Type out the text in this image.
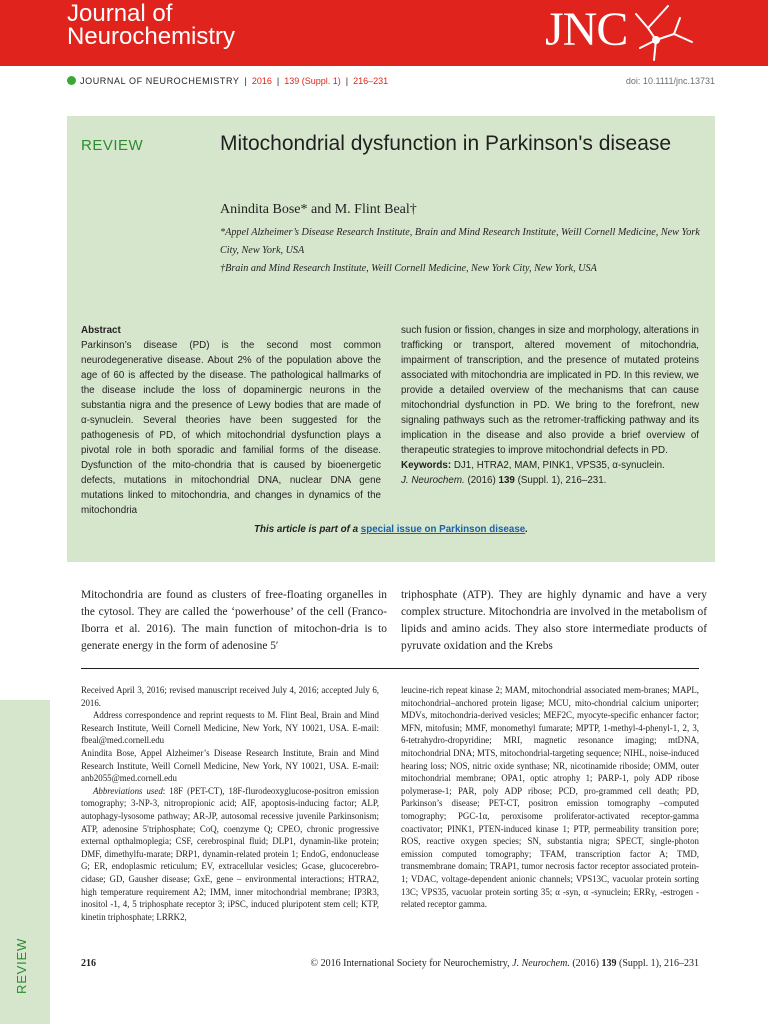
Journal of
Neurochemistry	JNC
JOURNAL OF NEUROCHEMISTRY | 2016 | 139 (Suppl. 1) | 216–231	doi: 10.1111/jnc.13731
REVIEW	Mitochondrial dysfunction in Parkinson's disease
Anindita Bose* and M. Flint Beal†
*Appel Alzheimer’s Disease Research Institute, Brain and Mind Research Institute, Weill Cornell Medicine, New York City, New York, USA
†Brain and Mind Research Institute, Weill Cornell Medicine, New York City, New York, USA
Abstract
Parkinson’s disease (PD) is the second most common neurodegenerative disease. About 2% of the population above the age of 60 is affected by the disease. The pathological hallmarks of the disease include the loss of dopaminergic neurons in the substantia nigra and the presence of Lewy bodies that are made of α-synuclein. Several theories have been suggested for the pathogenesis of PD, of which mitochondrial dysfunction plays a pivotal role in both sporadic and familial forms of the disease. Dysfunction of the mito-chondria that is caused by bioenergetic defects, mutations in mitochondrial DNA, nuclear DNA gene mutations linked to mitochondria, and changes in dynamics of the mitochondria
such fusion or fission, changes in size and morphology, alterations in trafficking or transport, altered movement of mitochondria, impairment of transcription, and the presence of mutated proteins associated with mitochondria are implicated in PD. In this review, we provide a detailed overview of the mechanisms that can cause mitochondrial dysfunction in PD. We bring to the forefront, new signaling pathways such as the retromer-trafficking pathway and its implication in the disease and also provide a brief overview of therapeutic strategies to improve mitochondrial defects in PD.
Keywords: DJ1, HTRA2, MAM, PINK1, VPS35, α-synuclein.
J. Neurochem. (2016) 139 (Suppl. 1), 216–231.
This article is part of a special issue on Parkinson disease.
Mitochondria are found as clusters of free-floating organelles in the cytosol. They are called the ‘powerhouse’ of the cell (Franco-Iborra et al. 2016). The main function of mitochon-dria is to generate energy in the form of adenosine 5′
triphosphate (ATP). They are highly dynamic and have a very complex structure. Mitochondria are involved in the metabolism of lipids and amino acids. They also store intermediate products of pyruvate oxidation and the Krebs

Received April 3, 2016; revised manuscript received July 4, 2016; accepted July 6, 2016.

Address correspondence and reprint requests to M. Flint Beal, Brain and Mind Research Institute, Weill Cornell Medicine, New York, NY 10021, USA. E-mail: fbeal@med.cornell.edu

Anindita Bose, Appel Alzheimer’s Disease Research Institute, Brain and Mind Research Institute, Weill Cornell Medicine, New York, NY 10021, USA. E-mail: anb2055@med.cornell.edu

Abbreviations used: 18F (PET-CT), 18F-flurodeoxyglucose-positron emission tomography; 3-NP-3, nitropropionic acid; AIF, apoptosis-inducing factor; ALP, autophagy-lysosome pathway; AR-JP, autosomal recessive juvenile Parkinsonism; ATP, adenosine 5′triphosphate; CoQ, coenzyme Q; CPEO, chronic progressive external opthalmoplegia; CSF, cerebrospinal fluid; DLP1, dynamin-like protein; DMF, dimethylfu-marate; DRP1, dynamin-related protein 1; EndoG, endonuclease G; ER, endoplasmic reticulum; EV, extracellular vesicles; Gcase, glucocerebro-cidase; GD, Gausher disease; GxE, gene – environmental interactions; HTRA2, high temperature requirement A2; IMM, inner mitochondrial membrane; IP3R3, inositol -1, 4, 5 triphosphate receptor 3; iPSC, induced pluripotent stem cell; KTP, kinetin triphosphate; LRRK2,

leucine-rich repeat kinase 2; MAM, mitochondrial associated mem-branes; MAPL, mitochondrial–anchored protein ligase; MCU, mito-chondrial calcium uniporter; MDVs, mitochondria-derived vesicles; MEF2C, myocyte-specific enhancer factor; MFN, mitofusin; MMF, monomethyl fumarate; MPTP, 1-methyl-4-phenyl-1, 2, 3, 6-tetrahydro-dropyridine; MRI, magnetic resonance imaging; mtDNA, mitochondrial DNA; MTS, mitochondrial-targeting sequence; NIHL, noise-induced hearing loss; NOS, nitric oxide synthase; NR, nicotinamide riboside; OMM, outer mitochondrial membrane; OPA1, optic atrophy 1; PARP-1, poly ADP ribose polymerase-1; PAR, poly ADP ribose; PCD, pro-grammed cell death; PD, Parkinson’s disease; PET-CT, positron emission tomography –computed tomography; PGC-1α, peroxisome proliferator-activated receptor-gamma coactivator; PINK1, PTEN-induced kinase 1; PTP, permeability transition pore; ROS, reactive oxygen species; SN, substantia nigra; SPECT, single-photon emission computed tomography; TFAM, transcription factor A; TMD, transmembrane domain; TRAP1, tumor necrosis factor receptor associated protein-1; VDAC, voltage-dependent anionic channels; VPS13C, vacuolar protein sorting 13C; VPS35, vacuolar protein sorting 35; α -syn, α -synuclein; ERRγ, -estrogen -related receptor gamma.

REVIEW	216	© 2016 International Society for Neurochemistry, J. Neurochem. (2016) 139 (Suppl. 1), 216–231
